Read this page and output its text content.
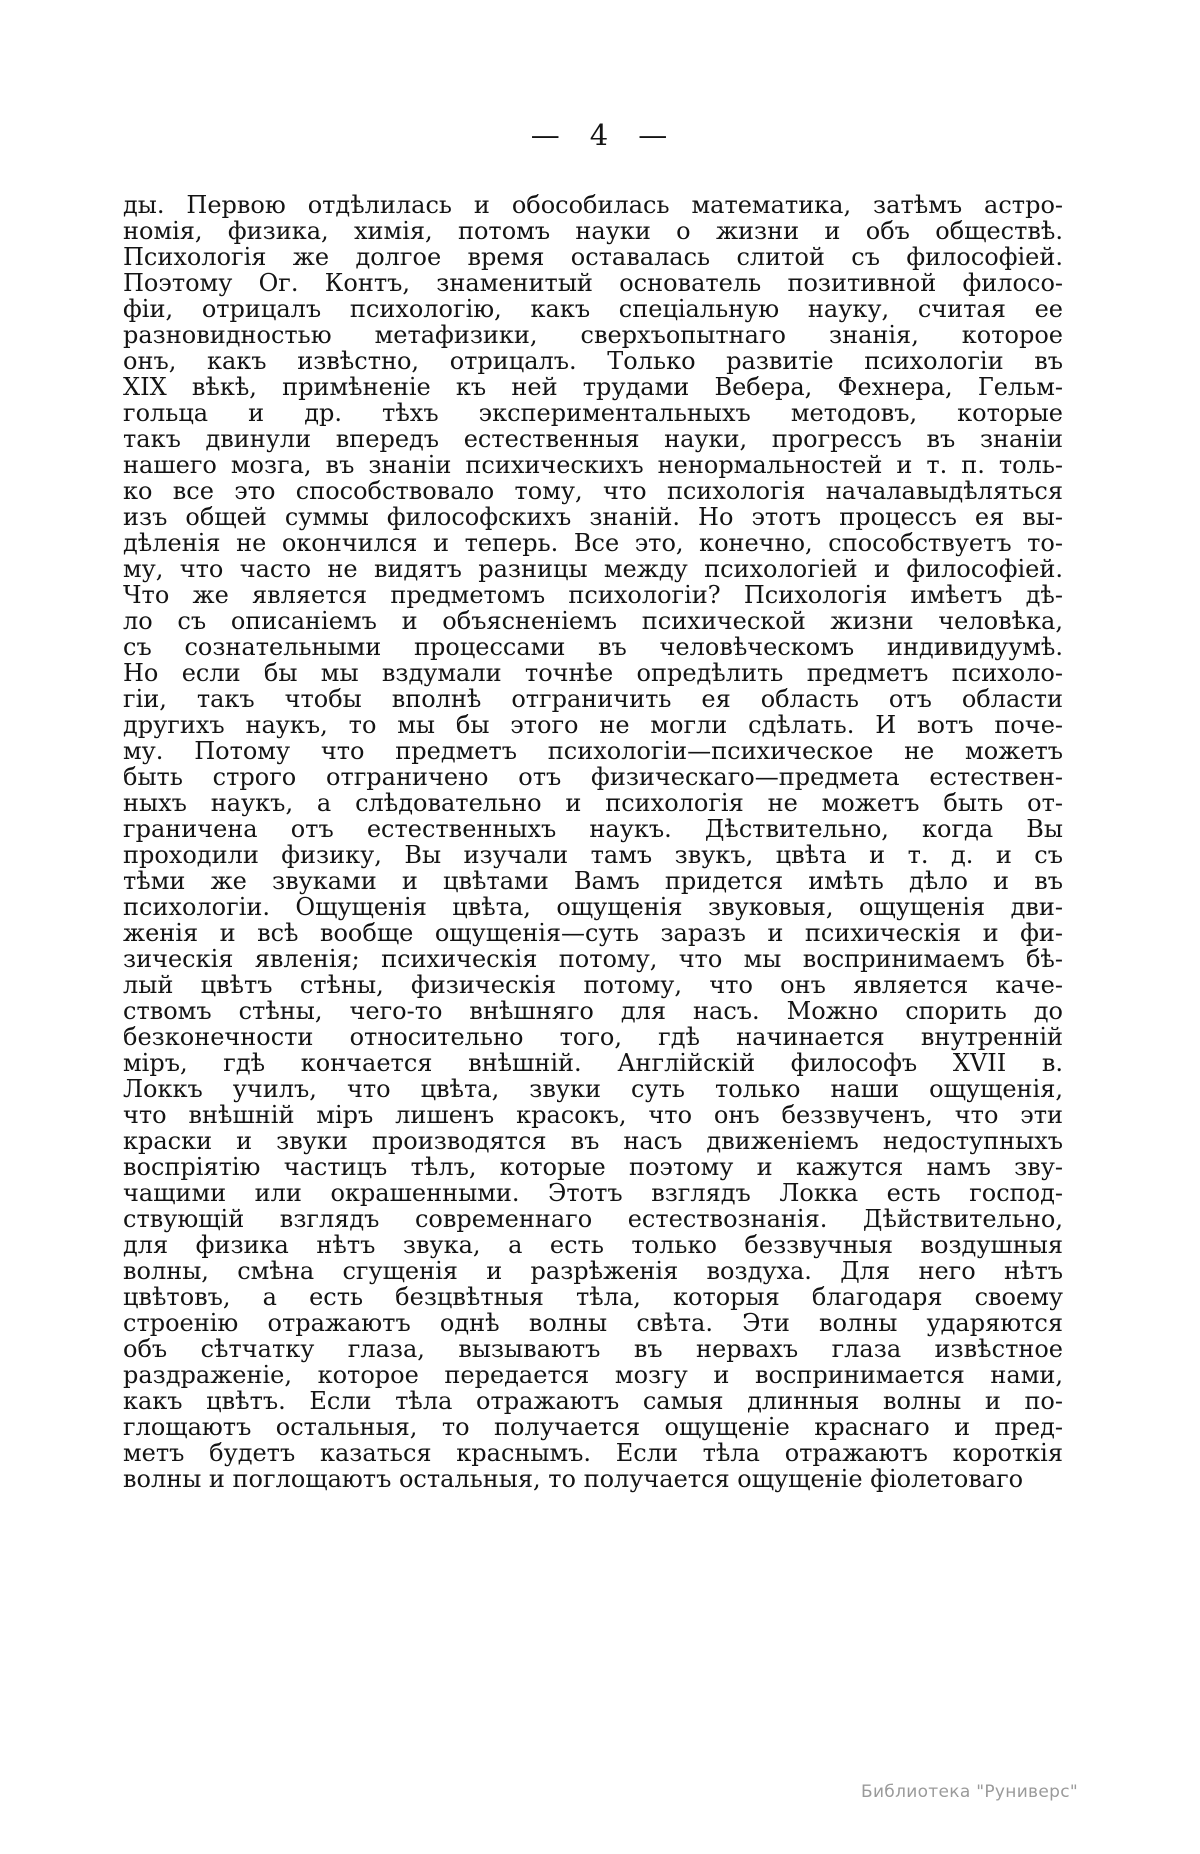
— 4 —
ды. Первою отдѣлилась и обособилась математика, затѣмъ астро-
номія, физика, химія, потомъ науки о жизни и объ обществѣ.
Психологія же долгое время оставалась слитой съ философіей.
Поэтому Ог. Контъ, знаменитый основатель позитивной филосо-
фіи, отрицалъ психологію, какъ спеціальную науку, считая ее
разновидностью метафизики, сверхъопытнаго знанія, которое
онъ, какъ извѣстно, отрицалъ. Только развитіе психологіи въ
XIX вѣкѣ, примѣненіе къ ней трудами Вебера, Фехнера, Гельм-
гольца и др. тѣхъ экспериментальныхъ методовъ, которые
такъ двинули впередъ естественныя науки, прогрессъ въ знаніи
нашего мозга, въ знаніи психическихъ ненормальностей и т. п. толь-
ко все это способствовало тому, что психологія началавыдѣляться
изъ общей суммы философскихъ знаній. Но этотъ процессъ ея вы-
дѣленія не окончился и теперь. Все это, конечно, способствуетъ то-
му, что часто не видятъ разницы между психологіей и философіей.
Что же является предметомъ психологіи? Психологія имѣетъ дѣ-
ло съ описаніемъ и объясненіемъ психической жизни человѣка,
съ сознательными процессами въ человѣческомъ индивидуумѣ.
Но если бы мы вздумали точнѣе опредѣлить предметъ психоло-
гіи, такъ чтобы вполнѣ отграничить ея область отъ области
другихъ наукъ, то мы бы этого не могли сдѣлать. И вотъ поче-
му. Потому что предметъ психологіи—психическое не можетъ
быть строго отграничено отъ физическаго—предмета естествен-
ныхъ наукъ, а слѣдовательно и психологія не можетъ быть от-
граничена отъ естественныхъ наукъ. Дѣствительно, когда Вы
проходили физику, Вы изучали тамъ звукъ, цвѣта и т. д. и съ
тѣми же звуками и цвѣтами Вамъ придется имѣть дѣло и въ
психологіи. Ощущенія цвѣта, ощущенія звуковыя, ощущенія дви-
женія и всѣ вообще ощущенія—суть заразъ и психическія и фи-
зическія явленія; психическія потому, что мы воспринимаемъ бѣ-
лый цвѣтъ стѣны, физическія потому, что онъ является каче-
ствомъ стѣны, чего-то внѣшняго для насъ. Можно спорить до
безконечности относительно того, гдѣ начинается внутренній
міръ, гдѣ кончается внѣшній. Англійскій философъ XVII в.
Локкъ училъ, что цвѣта, звуки суть только наши ощущенія,
что внѣшній міръ лишенъ красокъ, что онъ беззвученъ, что эти
краски и звуки производятся въ насъ движеніемъ недоступныхъ
воспріятію частицъ тѣлъ, которые поэтому и кажутся намъ зву-
чащими или окрашенными. Этотъ взглядъ Локка есть господ-
ствующій взглядъ современнаго естествознанія. Дѣйствительно,
для физика нѣтъ звука, а есть только беззвучныя воздушныя
волны, смѣна сгущенія и разрѣженія воздуха. Для него нѣтъ
цвѣтовъ, а есть безцвѣтныя тѣла, которыя благодаря своему
строенію отражаютъ однѣ волны свѣта. Эти волны ударяются
объ сѣтчатку глаза, вызываютъ въ нервахъ глаза извѣстное
раздраженіе, которое передается мозгу и воспринимается нами,
какъ цвѣтъ. Если тѣла отражаютъ самыя длинныя волны и по-
глощаютъ остальныя, то получается ощущеніе краснаго и пред-
метъ будетъ казаться краснымъ. Если тѣла отражаютъ короткія
волны и поглощаютъ остальныя, то получается ощущеніе фіолетоваго
Библиотека "Руниверс"
